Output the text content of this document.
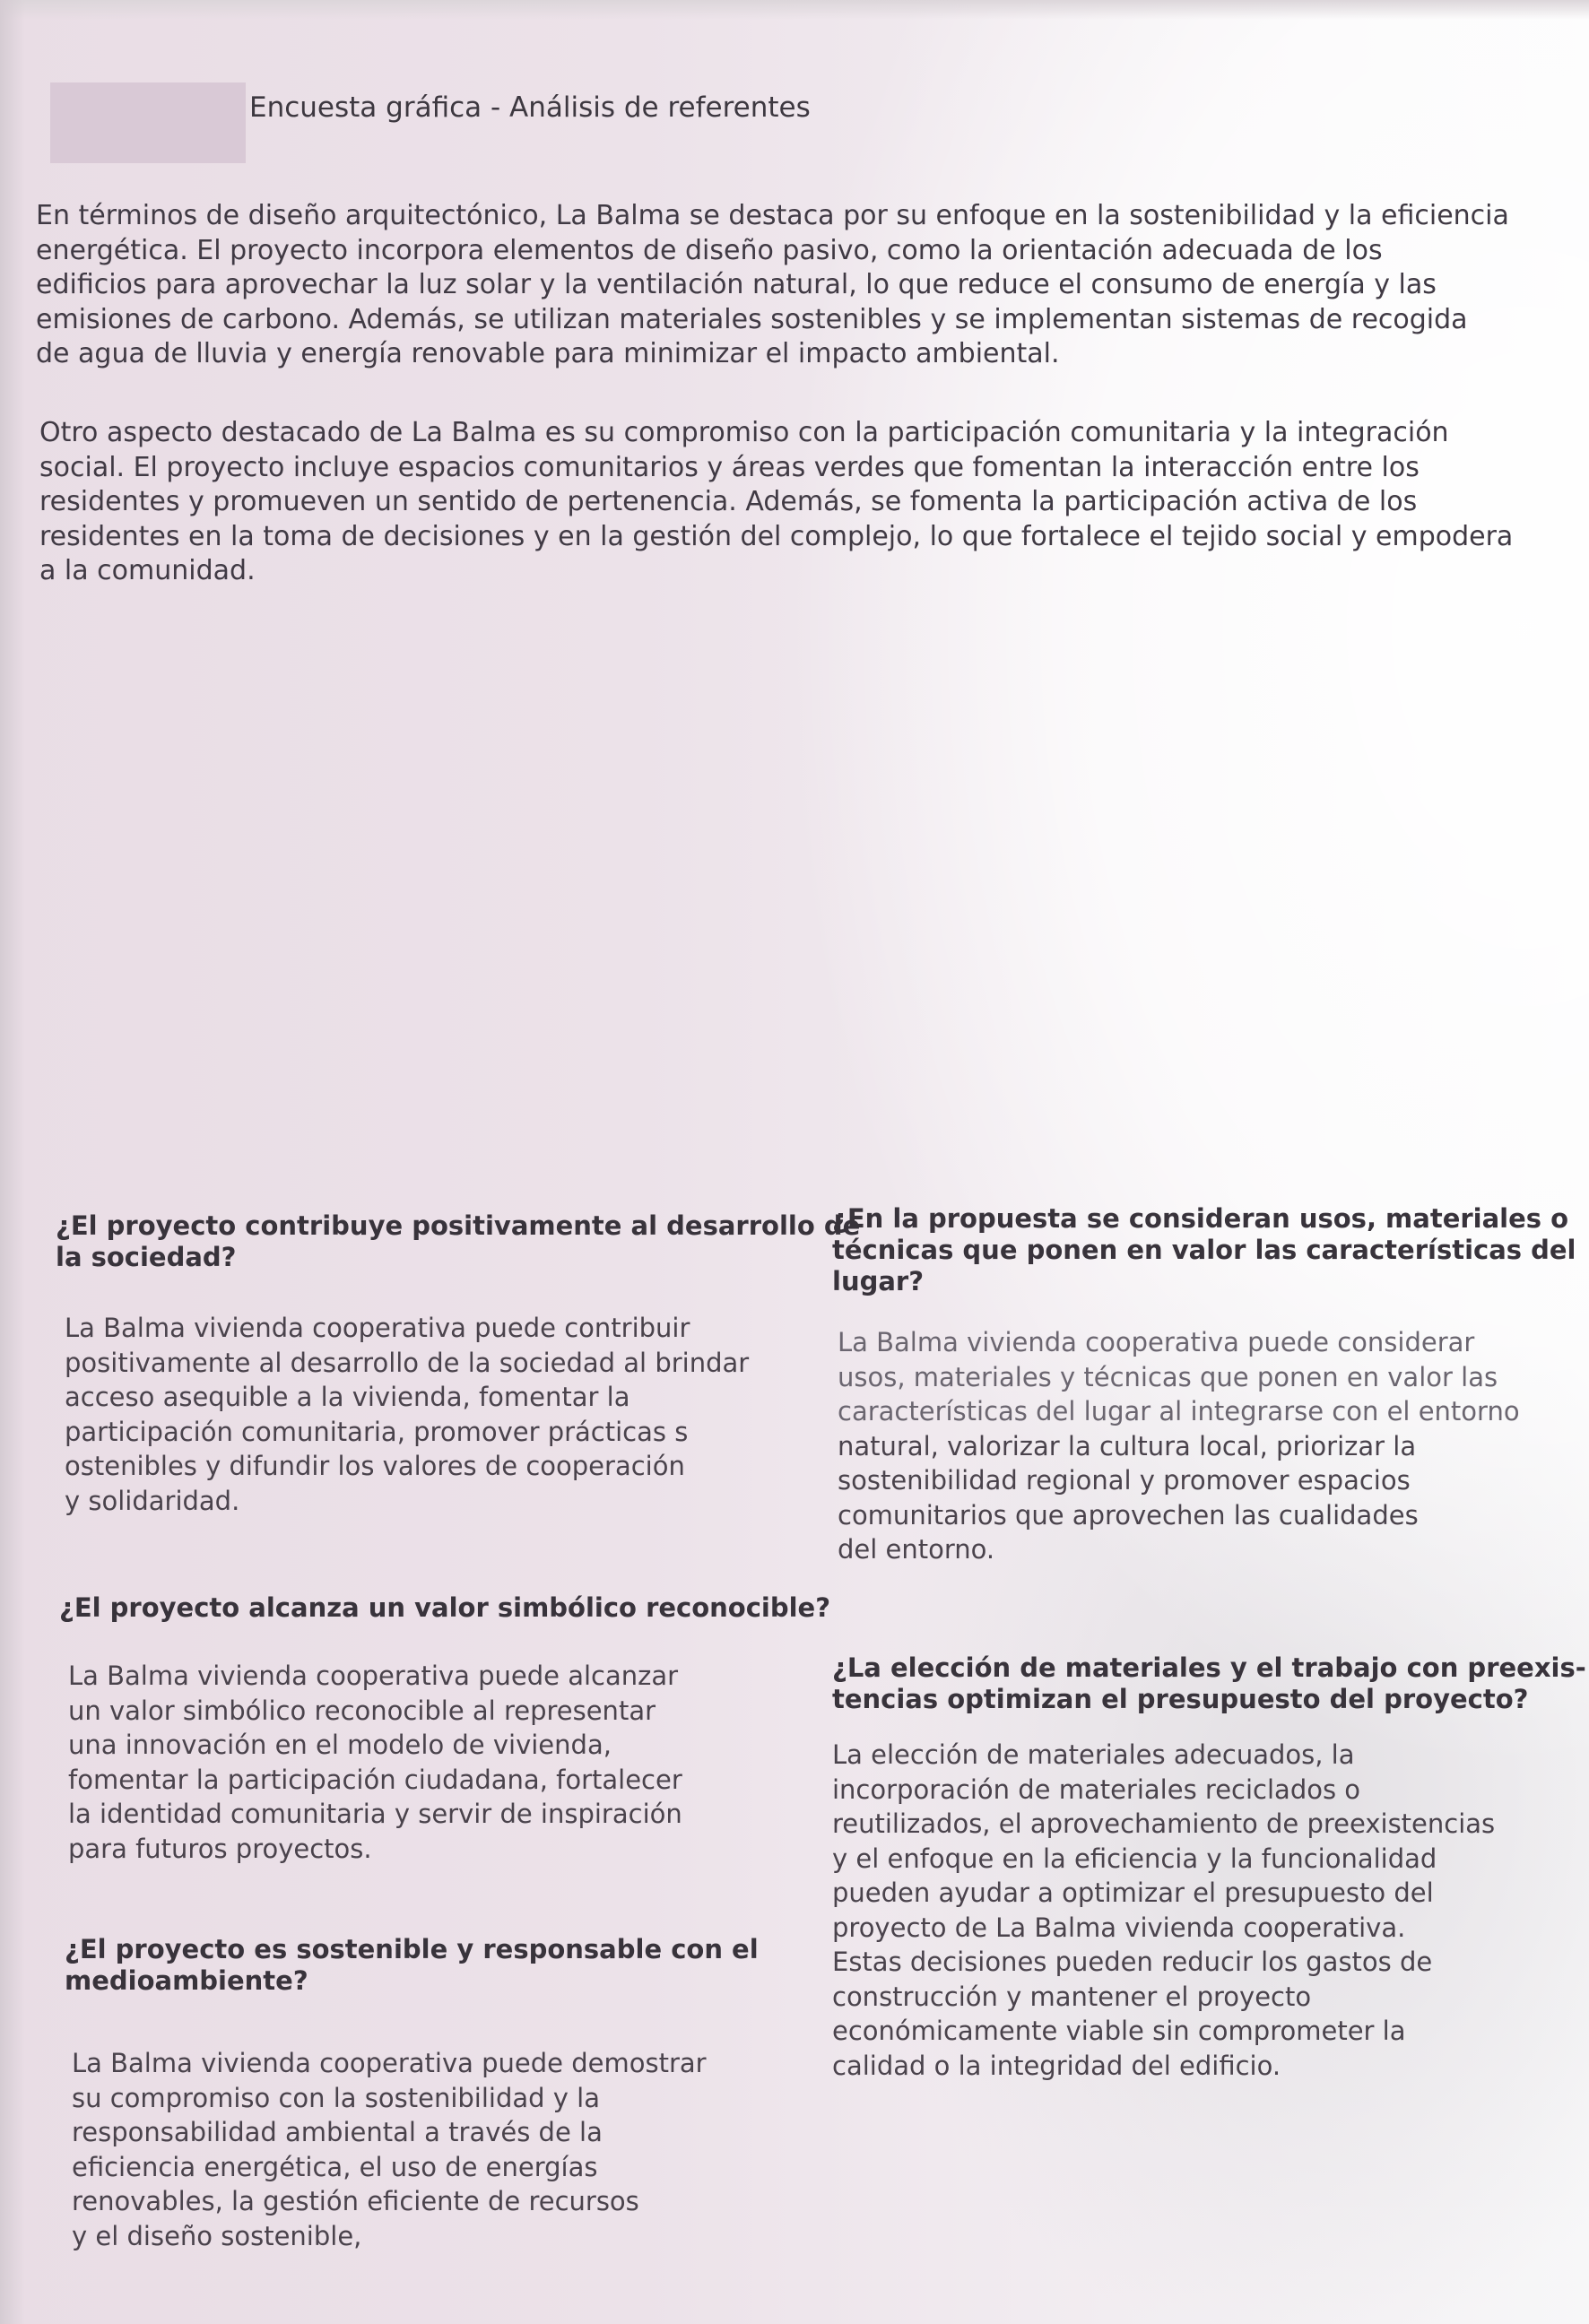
Encuesta gráfica - Análisis de referentes
En términos de diseño arquitectónico, La Balma se destaca por su enfoque en la sostenibilidad y la eficiencia
energética. El proyecto incorpora elementos de diseño pasivo, como la orientación adecuada de los
edificios para aprovechar la luz solar y la ventilación natural, lo que reduce el consumo de energía y las
emisiones de carbono. Además, se utilizan materiales sostenibles y se implementan sistemas de recogida
de agua de lluvia y energía renovable para minimizar el impacto ambiental.
Otro aspecto destacado de La Balma es su compromiso con la participación comunitaria y la integración
social. El proyecto incluye espacios comunitarios y áreas verdes que fomentan la interacción entre los
residentes y promueven un sentido de pertenencia. Además, se fomenta la participación activa de los
residentes en la toma de decisiones y en la gestión del complejo, lo que fortalece el tejido social y empodera
a la comunidad.
¿El proyecto contribuye positivamente al desarrollo de
la sociedad?
La Balma vivienda cooperativa puede contribuir
positivamente al desarrollo de la sociedad al brindar
acceso asequible a la vivienda, fomentar la
participación comunitaria, promover prácticas s
ostenibles y difundir los valores de cooperación
y solidaridad.
¿El proyecto alcanza un valor simbólico reconocible?
La Balma vivienda cooperativa puede alcanzar
un valor simbólico reconocible al representar
una innovación en el modelo de vivienda,
fomentar la participación ciudadana, fortalecer
la identidad comunitaria y servir de inspiración
para futuros proyectos.
¿El proyecto es sostenible y responsable con el
medioambiente?
La Balma vivienda cooperativa puede demostrar
su compromiso con la sostenibilidad y la
responsabilidad ambiental a través de la
eficiencia energética, el uso de energías
renovables, la gestión eficiente de recursos
y el diseño sostenible,
¿En la propuesta se consideran usos, materiales o
técnicas que ponen en valor las características del
lugar?
La Balma vivienda cooperativa puede considerar
usos, materiales y técnicas que ponen en valor las
características del lugar al integrarse con el entorno
natural, valorizar la cultura local, priorizar la
sostenibilidad regional y promover espacios
comunitarios que aprovechen las cualidades
del entorno.
¿La elección de materiales y el trabajo con preexis-
tencias optimizan el presupuesto del proyecto?
La elección de materiales adecuados, la
incorporación de materiales reciclados o
reutilizados, el aprovechamiento de preexistencias
y el enfoque en la eficiencia y la funcionalidad
pueden ayudar a optimizar el presupuesto del
proyecto de La Balma vivienda cooperativa.
Estas decisiones pueden reducir los gastos de
construcción y mantener el proyecto
económicamente viable sin comprometer la
calidad o la integridad del edificio.
